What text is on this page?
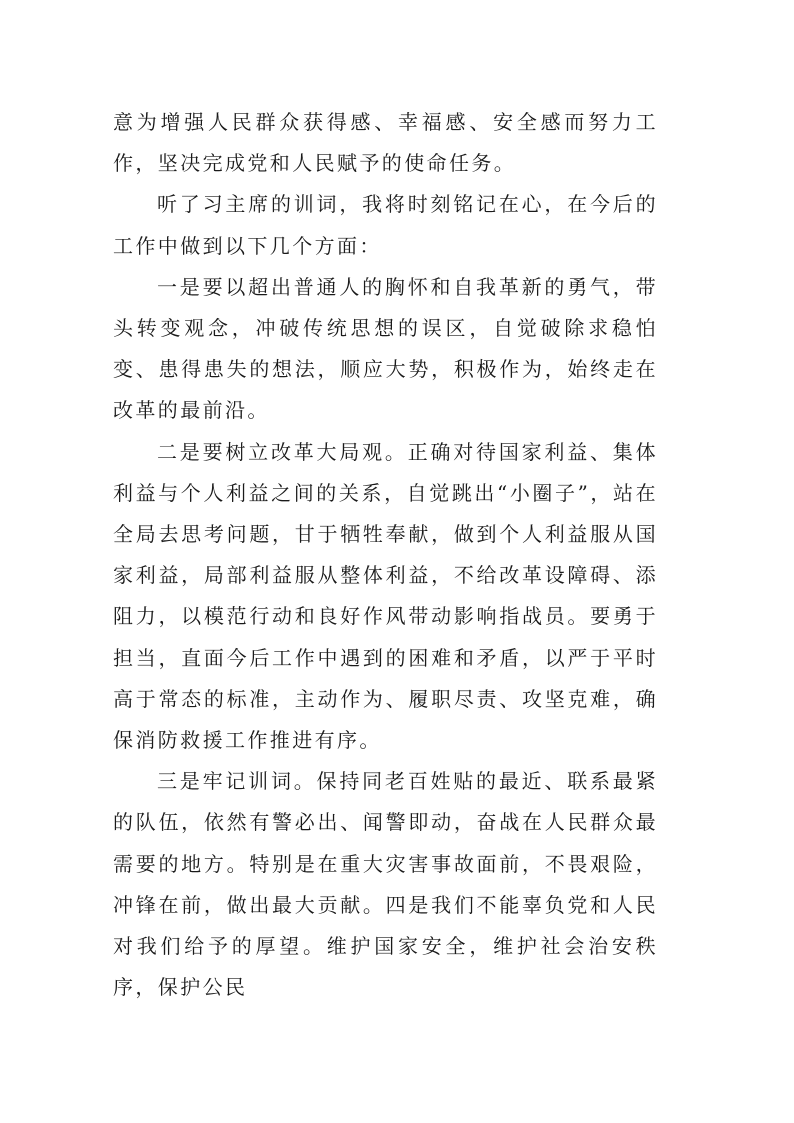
意为增强人民群众获得感、幸福感、安全感而努力工作，坚决完成党和人民赋予的使命任务。

听了习主席的训词，我将时刻铭记在心，在今后的工作中做到以下几个方面：

一是要以超出普通人的胸怀和自我革新的勇气，带头转变观念，冲破传统思想的误区，自觉破除求稳怕变、患得患失的想法，顺应大势，积极作为，始终走在改革的最前沿。

二是要树立改革大局观。正确对待国家利益、集体利益与个人利益之间的关系，自觉跳出“小圈子”，站在全局去思考问题，甘于牺牲奉献，做到个人利益服从国家利益，局部利益服从整体利益，不给改革设障碍、添阻力，以模范行动和良好作风带动影响指战员。要勇于担当，直面今后工作中遇到的困难和矛盾，以严于平时高于常态的标准，主动作为、履职尽责、攻坚克难，确保消防救援工作推进有序。

三是牢记训词。保持同老百姓贴的最近、联系最紧的队伍，依然有警必出、闻警即动，奋战在人民群众最需要的地方。特别是在重大灾害事故面前，不畏艰险，冲锋在前，做出最大贡献。四是我们不能辜负党和人民对我们给予的厚望。维护国家安全，维护社会治安秩序，保护公民
